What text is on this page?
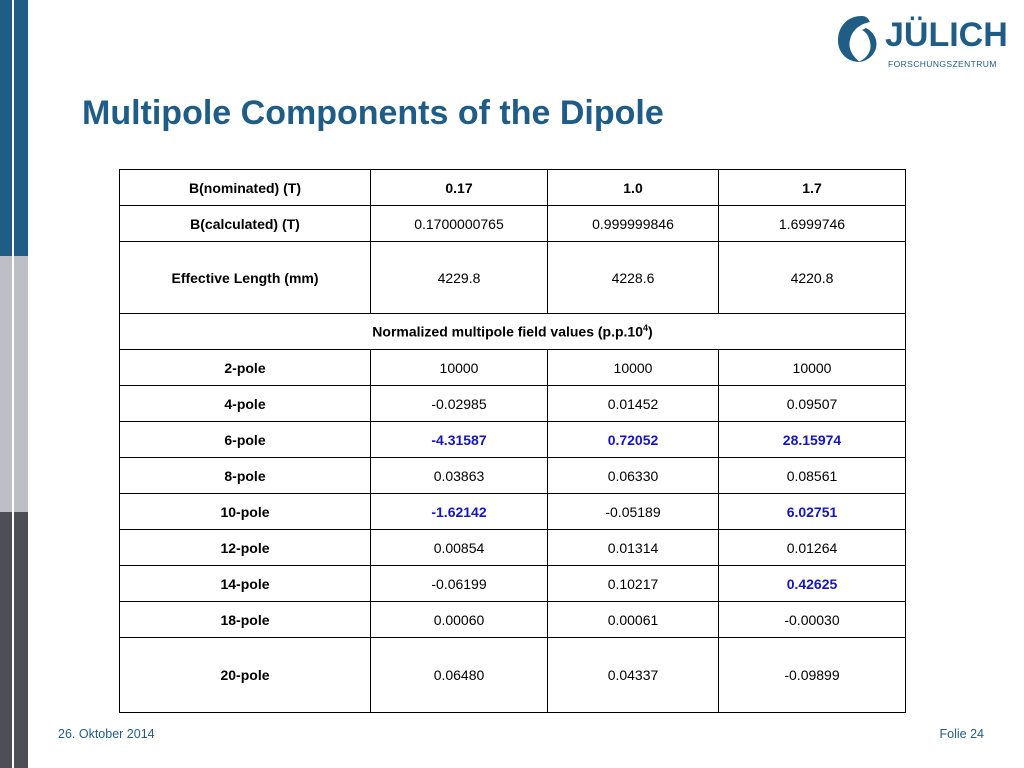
JÜLICH
FORSCHUNGSZENTRUM
Multipole Components of the Dipole
B(nominated) (T)	0.17	1.0	1.7
B(calculated) (T)	0.1700000765	0.999999846	1.6999746
Effective Length (mm)	4229.8	4228.6	4220.8
Normalized multipole field values $(p.p.10^4)$			
2-pole	10000	10000	10000
4-pole	-0.02985	0.01452	0.09507
6-pole	-4.31587	0.72052	28.15974
8-pole	0.03863	0.06330	0.08561
10-pole	-1.62142	-0.05189	6.02751
12-pole	0.00854	0.01314	0.01264
14-pole	-0.06199	0.10217	0.42625
18-pole	0.00060	0.00061	-0.00030
20-pole	0.06480	0.04337	-0.09899
26. Oktober 2014	Folie 24
